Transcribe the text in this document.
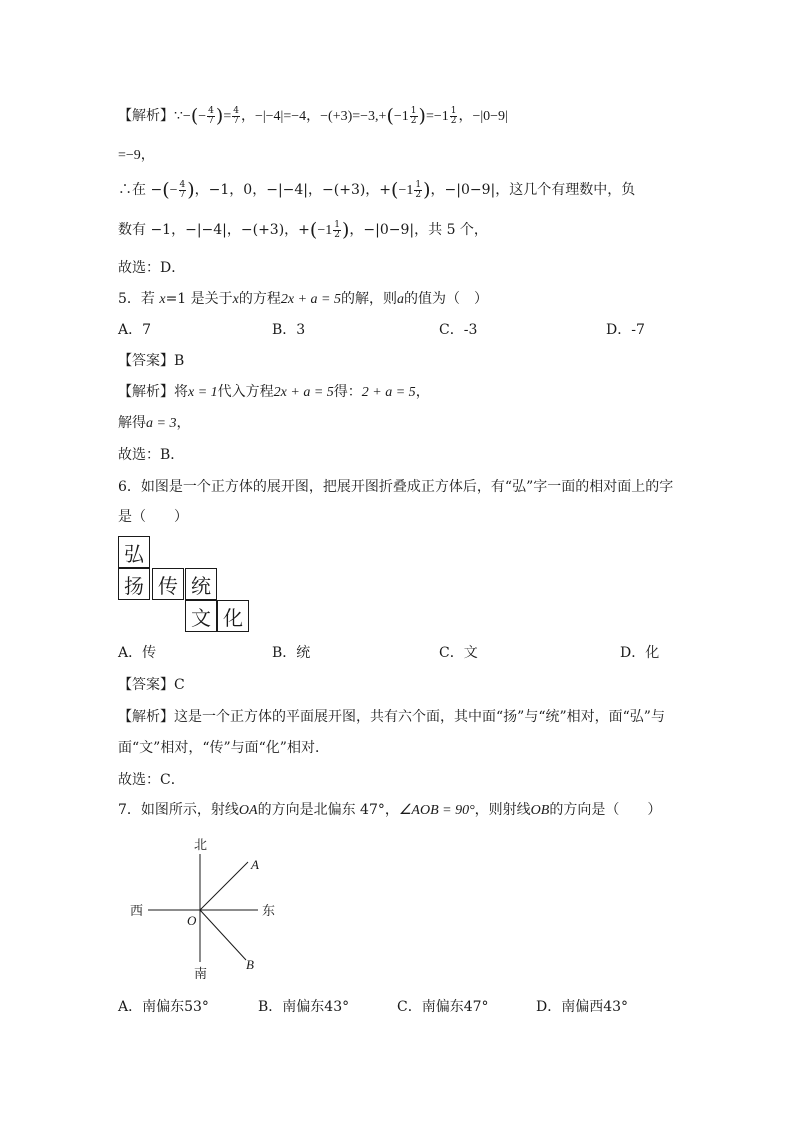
【解析】∵−(− $\frac{4}{7}$ )= $\frac{4}{7}$ ，−|−4|=−4，$-(+3)=-3,+(-1 \frac{1}{2} )=-1 \frac{1}{2}$ ，−|0−9|
=−9，
∴在 −(− $\frac{4}{7}$ )，−1，0，−|−4|，−(+3)，$+(-1 \frac{1}{2}$ )，−|0−9|，这几个有理数中，负
数有 −1，−|−4|，−(+3)，$+(-1 \frac{1}{2}$ )，−|0−9|，共 5 个，
故选：D．
5．若 x=1 是关于x的方程2x + a = 5的解，则a的值为（　）
A．7	B．3	C．-3	D．-7
【答案】B
【解析】将x = 1代入方程2x + a = 5得：2 + a = 5，
解得a = 3，
故选：B．
6．如图是一个正方体的展开图，把展开图折叠成正方体后，有“弘”字一面的相对面上的字
是（　　）
弘
扬 传 统
文 化
A．传	B．统	C．文	D．化
【答案】C
【解析】这是一个正方体的平面展开图，共有六个面，其中面“扬”与“统”相对，面“弘”与
面“文”相对，“传”与面“化”相对．
故选：C．
7．如图所示，射线OA的方向是北偏东 47°，∠AOB = 90°，则射线OB的方向是（　　）
北
南
西	东
O
A
B
A．南偏东53°	B．南偏东43°	C．南偏东47°	D．南偏西43°
